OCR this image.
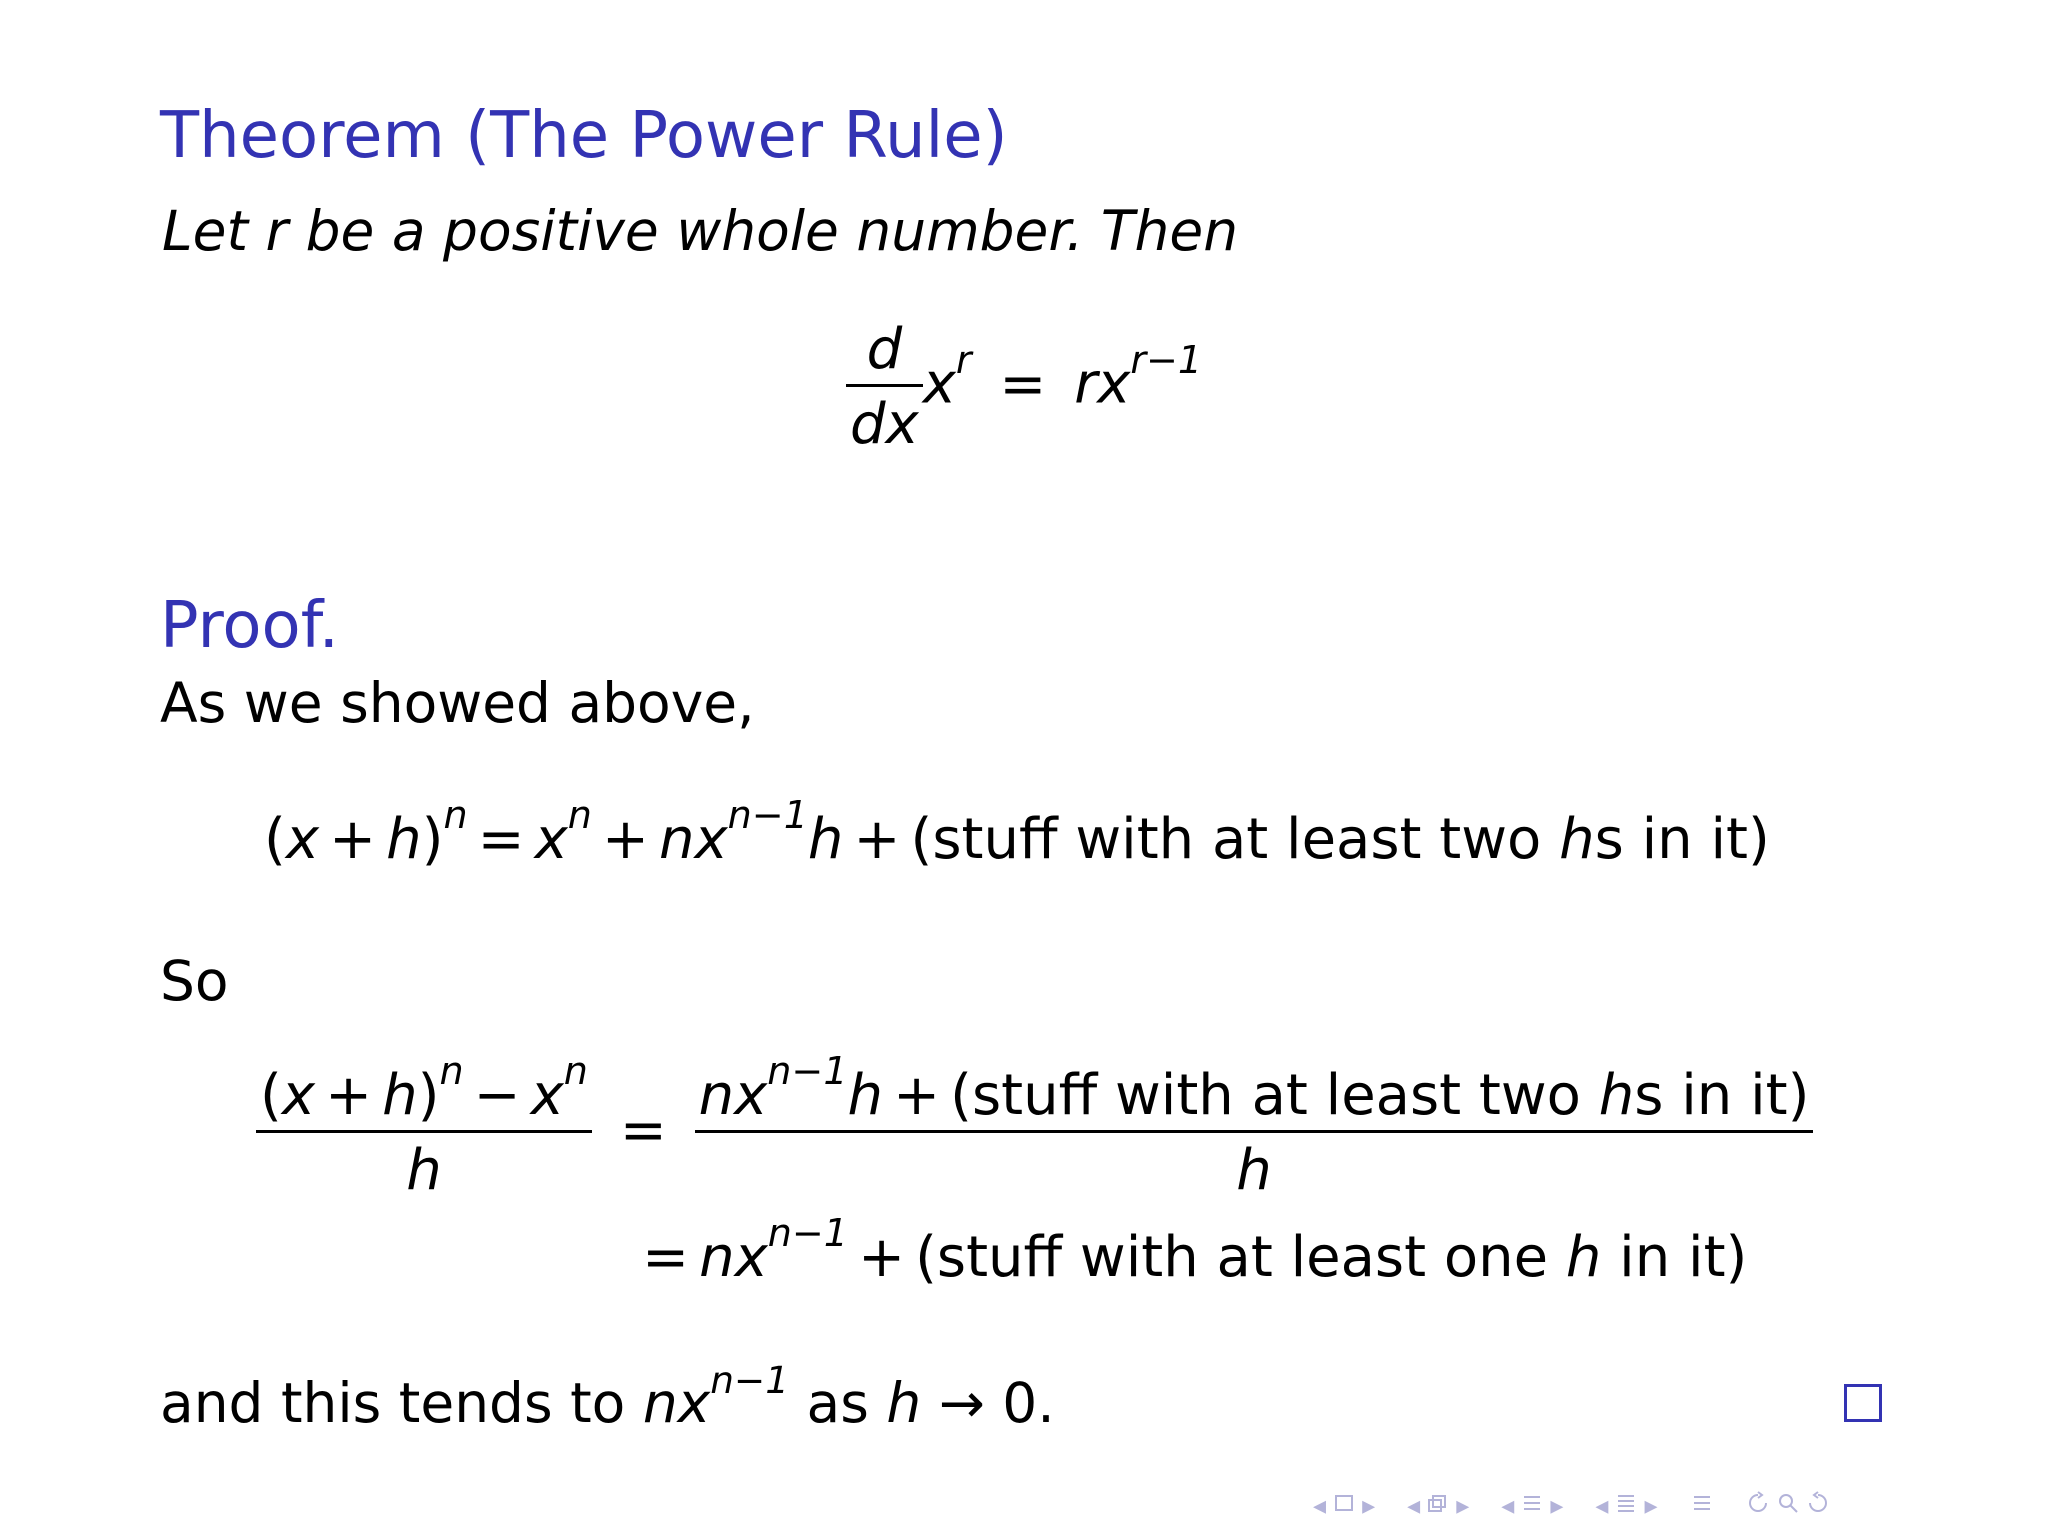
Theorem (The Power Rule)
Let r be a positive whole number. Then
$\frac{d}{dx} x^r = rx^{r-1}$
Proof.
As we showed above,
$(x + h)^n = x^n + nx^{n-1}h$ + (stuff with at least two hs in it)
So
$\frac{(x + h)^n - x^n}{h} = \frac{nx^{n-1}h + (stuff with at least two hs in it)}{h}$
= $nx^{n-1}$ + (stuff with at least one h in it)
and this tends to $nx^{n-1}$ as h → 0.
◂ ▸ ◂ ▸ ◂ ▸ ◂ ▸
